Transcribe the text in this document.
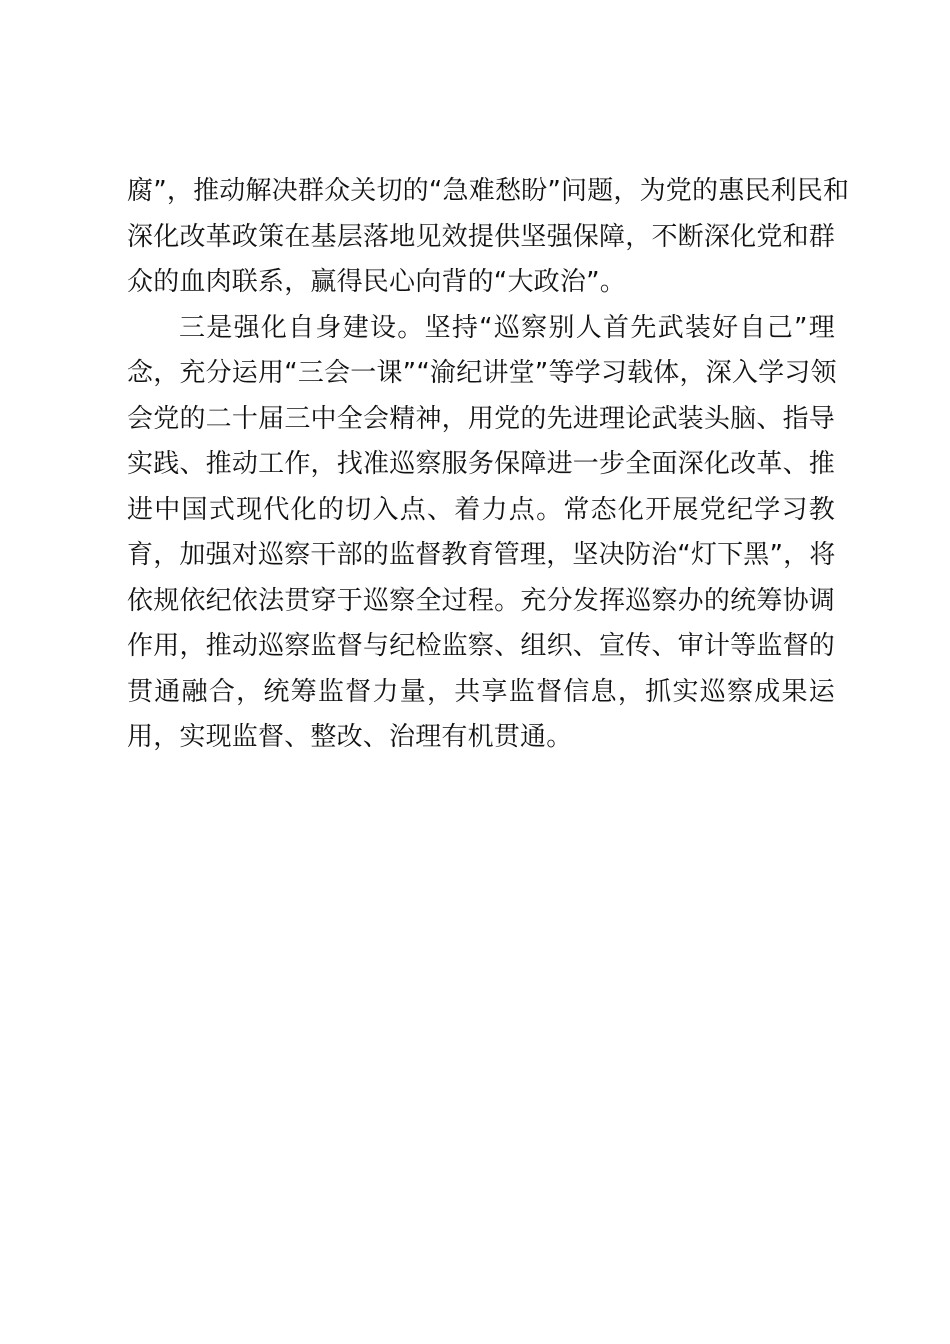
腐”，推动解决群众关切的“急难愁盼”问题，为党的惠民利民和
深化改革政策在基层落地见效提供坚强保障，不断深化党和群
众的血肉联系，赢得民心向背的“大政治”。
三是强化自身建设。坚持“巡察别人首先武装好自己”理
念，充分运用“三会一课”“渝纪讲堂”等学习载体，深入学习领
会党的二十届三中全会精神，用党的先进理论武装头脑、指导
实践、推动工作，找准巡察服务保障进一步全面深化改革、推
进中国式现代化的切入点、着力点。常态化开展党纪学习教
育，加强对巡察干部的监督教育管理，坚决防治“灯下黑”，将
依规依纪依法贯穿于巡察全过程。充分发挥巡察办的统筹协调
作用，推动巡察监督与纪检监察、组织、宣传、审计等监督的
贯通融合，统筹监督力量，共享监督信息，抓实巡察成果运
用，实现监督、整改、治理有机贯通。
